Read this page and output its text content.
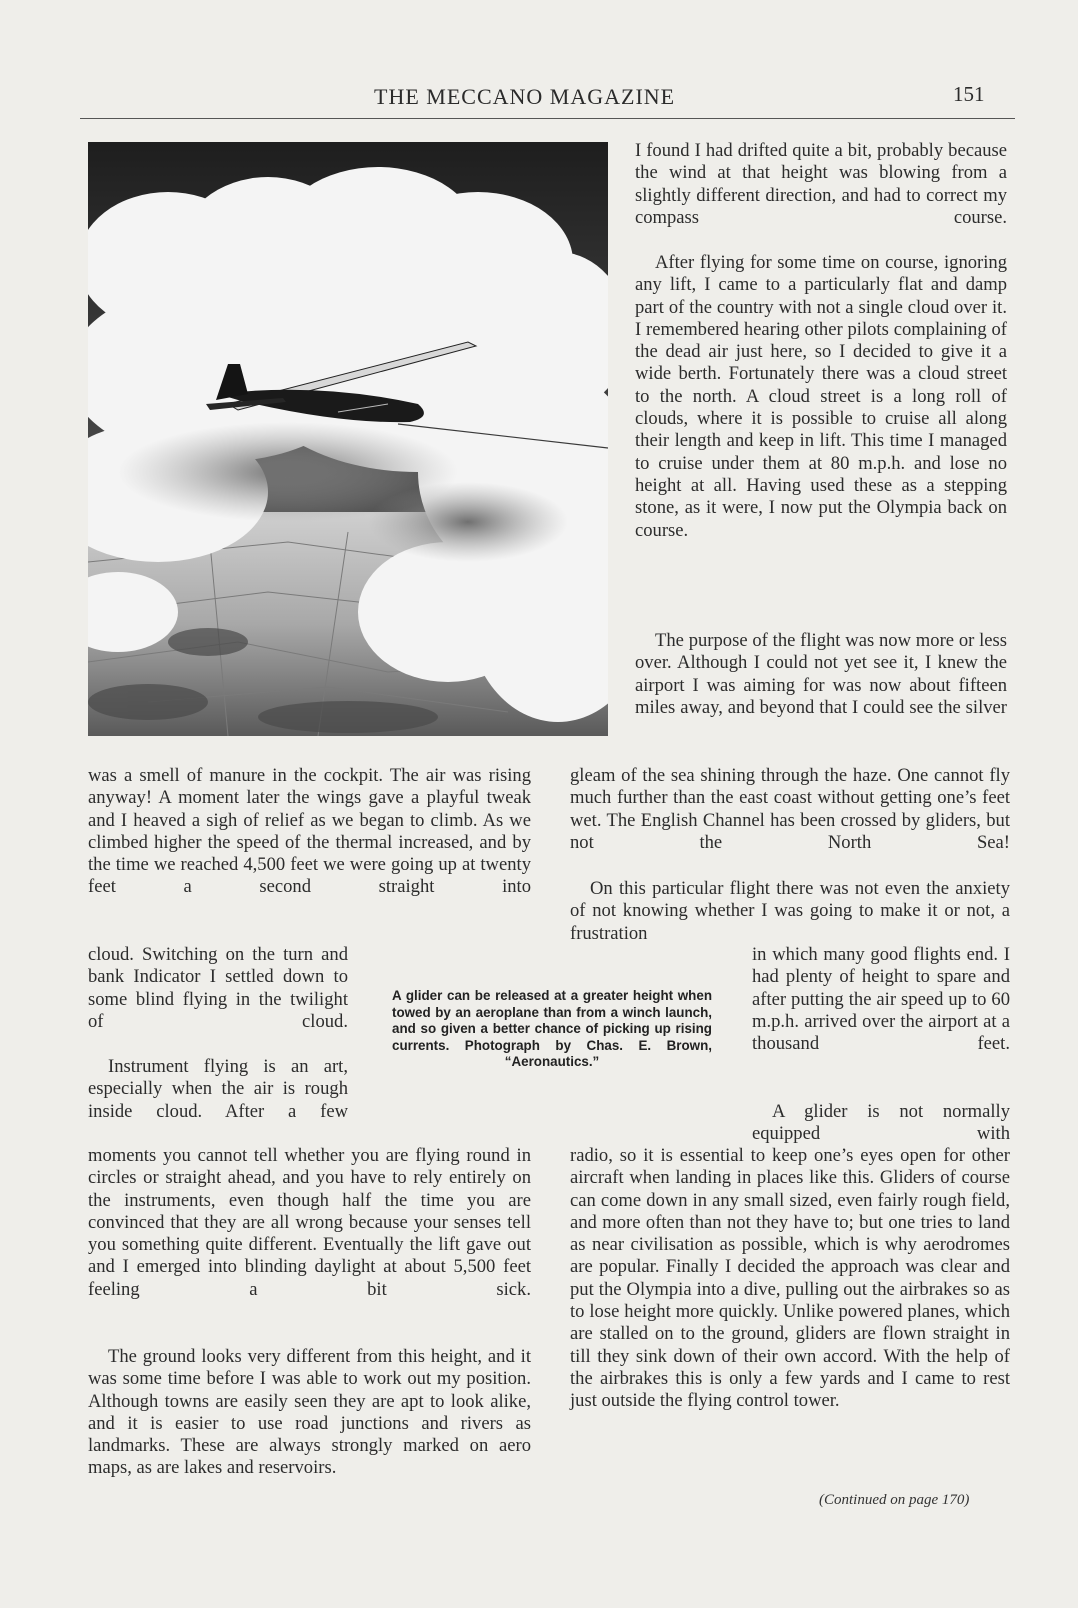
THE MECCANO MAGAZINE	151

I found I had drifted quite a bit, probably because the wind at that height was blowing from a slightly different direction, and had to correct my compass course.

After flying for some time on course, ignoring any lift, I came to a particularly flat and damp part of the country with not a single cloud over it. I remembered hearing other pilots complaining of the dead air just here, so I decided to give it a wide berth. Fortunately there was a cloud street to the north. A cloud street is a long roll of clouds, where it is possible to cruise all along their length and keep in lift. This time I managed to cruise under them at 80 m.p.h. and lose no height at all. Having used these as a stepping stone, as it were, I now put the Olympia back on course.

The purpose of the flight was now more or less over. Although I could not yet see it, I knew the airport I was aiming for was now about fifteen miles away, and beyond that I could see the silver

was a smell of manure in the cockpit. The air was rising anyway! A moment later the wings gave a playful tweak and I heaved a sigh of relief as we began to climb. As we climbed higher the speed of the thermal increased, and by the time we reached 4,500 feet we were going up at twenty feet a second straight into

gleam of the sea shining through the haze. One cannot fly much further than the east coast without getting one’s feet wet. The English Channel has been crossed by gliders, but not the North Sea!

On this particular flight there was not even the anxiety of not knowing whether I was going to make it or not, a frustration

cloud. Switching on the turn and bank Indicator I settled down to some blind flying in the twilight of cloud.

Instrument flying is an art, especially when the air is rough inside cloud. After a few

A glider can be released at a greater height when towed by an aeroplane than from a winch launch, and so given a better chance of picking up rising currents. Photograph by Chas. E. Brown, “Aeronautics.”

in which many good flights end. I had plenty of height to spare and after putting the air speed up to 60 m.p.h. arrived over the airport at a thousand feet.

A glider is not normally equipped with

moments you cannot tell whether you are flying round in circles or straight ahead, and you have to rely entirely on the instruments, even though half the time you are convinced that they are all wrong because your senses tell you something quite different. Eventually the lift gave out and I emerged into blinding daylight at about 5,500 feet feeling a bit sick.

The ground looks very different from this height, and it was some time before I was able to work out my position. Although towns are easily seen they are apt to look alike, and it is easier to use road junctions and rivers as landmarks. These are always strongly marked on aero maps, as are lakes and reservoirs.

radio, so it is essential to keep one’s eyes open for other aircraft when landing in places like this. Gliders of course can come down in any small sized, even fairly rough field, and more often than not they have to; but one tries to land as near civilisation as possible, which is why aerodromes are popular. Finally I decided the approach was clear and put the Olympia into a dive, pulling out the airbrakes so as to lose height more quickly. Unlike powered planes, which are stalled on to the ground, gliders are flown straight in till they sink down of their own accord. With the help of the airbrakes this is only a few yards and I came to rest just outside the flying control tower.

(Continued on page 170)
